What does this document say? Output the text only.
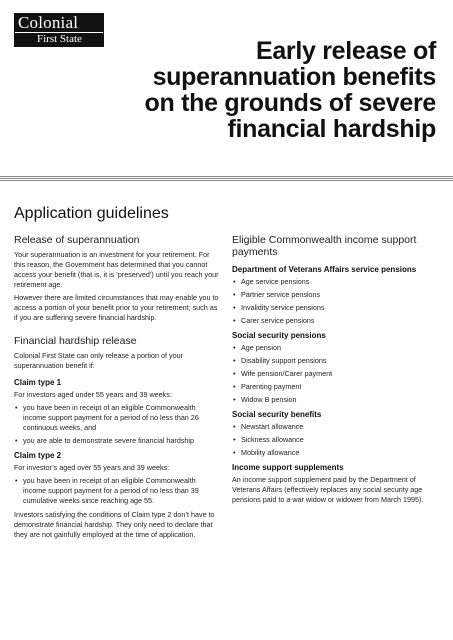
Colonial
First State	Early release of
superannuation benefits
on the grounds of severe
financial hardship
Application guidelines
Release of superannuation
Your superannuation is an investment for your retirement. For this reason, the Government has determined that you cannot access your benefit (that is, it is ‘preserved’) until you reach your retirement age.
However there are limited circumstances that may enable you to access a portion of your benefit prior to your retirement; such as if you are suffering severe financial hardship.
Financial hardship release
Colonial First State can only release a portion of your superannuation benefit if:
Claim type 1
For investors aged under 55 years and 39 weeks:
• you have been in receipt of an eligible Commonwealth income support payment for a period of no less than 26 continuous weeks, and
• you are able to demonstrate severe financial hardship
Claim type 2
For investor’s aged over 55 years and 39 weeks:
• you have been in receipt of an eligible Commonwealth income support payment for a period of no less than 39 cumulative weeks since reaching age 55.
Investors satisfying the conditions of Claim type 2 don’t have to demonstrate financial hardship. They only need to declare that they are not gainfully employed at the time of application.
Eligible Commonwealth income support payments
Department of Veterans Affairs service pensions
• Age service pensions
• Partner service pensions
• Invalidity service pensions
• Carer service pensions
Social security pensions
• Age pension
• Disability support pensions
• Wife pension/Carer payment
• Parenting payment
• Widow B pension
Social security benefits
• Newstart allowance
• Sickness allowance
• Mobility allowance
Income support supplements
An income support supplement paid by the Department of Veterans Affairs (effectively replaces any social security age pensions paid to a war widow or widower from March 1995).
